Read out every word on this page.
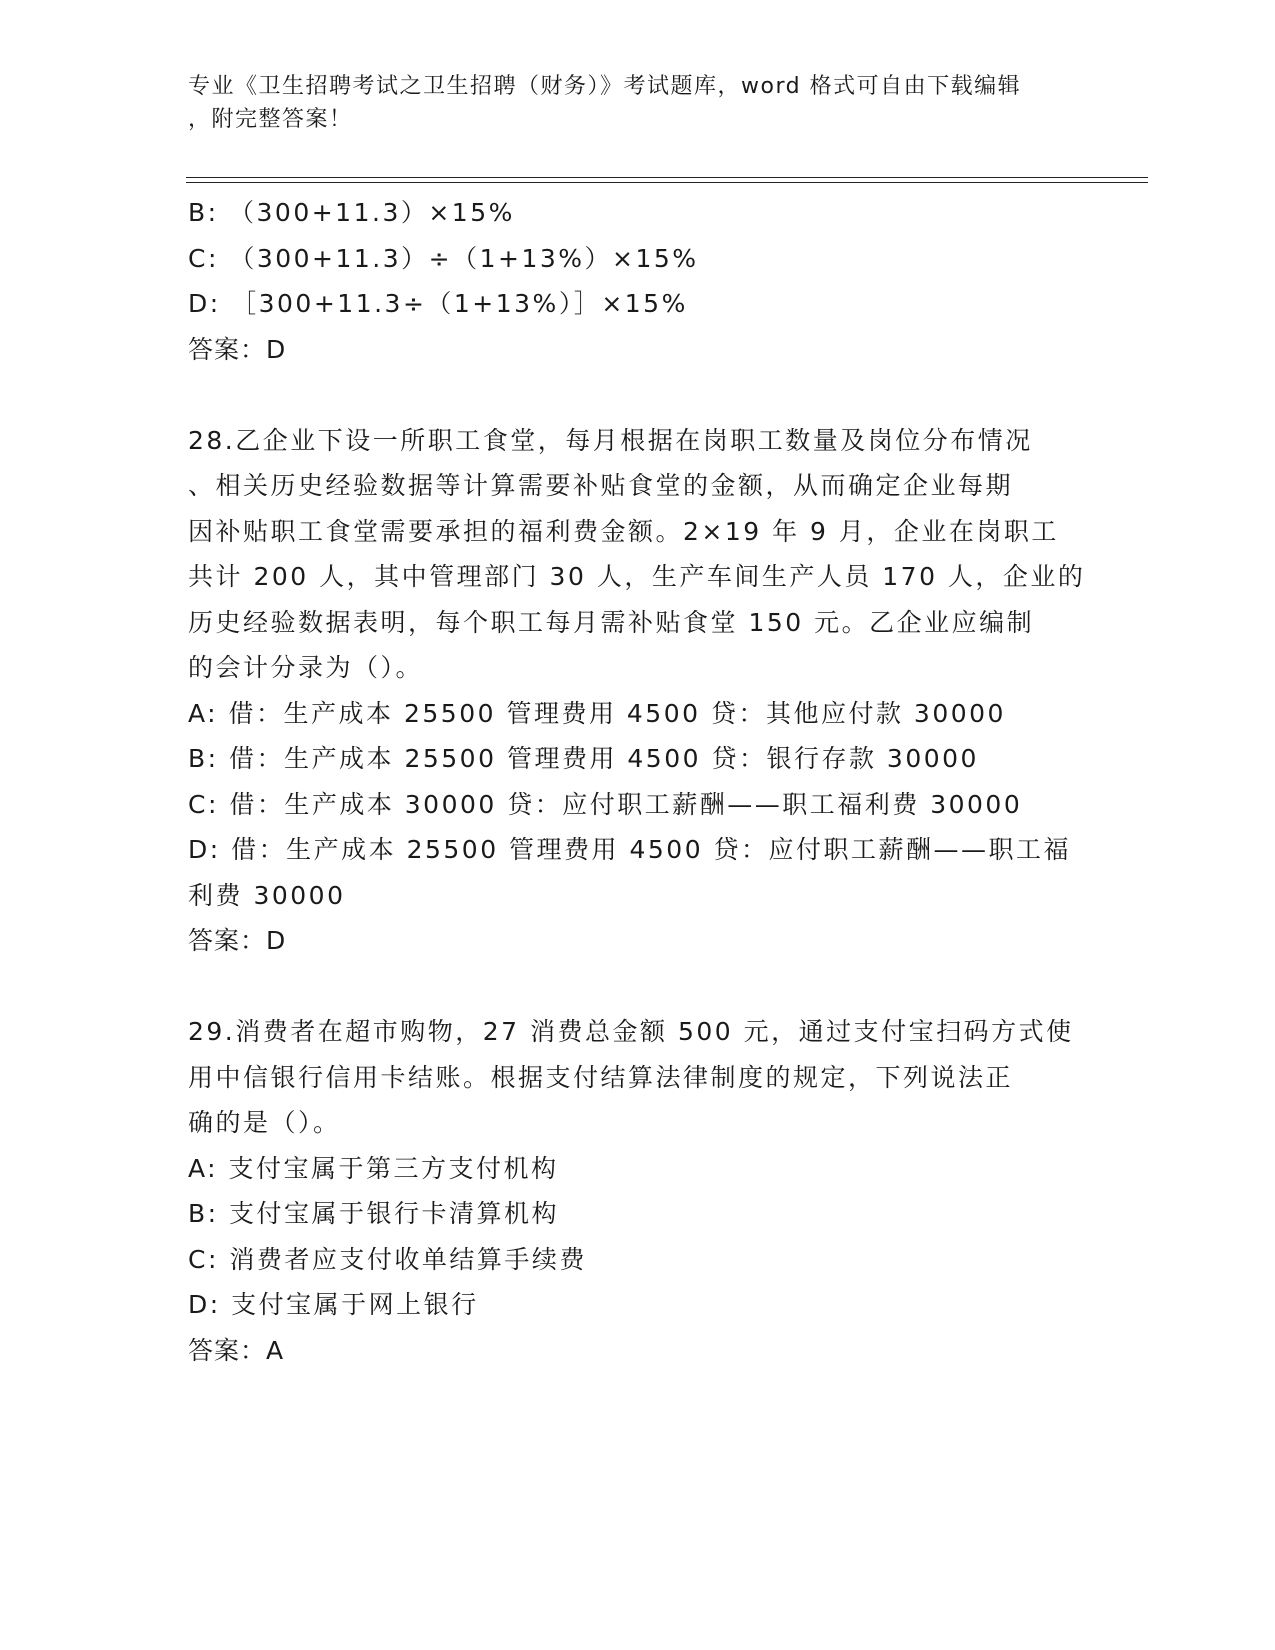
专业《卫生招聘考试之卫生招聘（财务）》考试题库，word 格式可自由下载编辑
，附完整答案！
B: （300+11.3）×15%
C: （300+11.3）÷（1+13%）×15%
D: ［300+11.3÷（1+13%）］×15%
答案：D
28.乙企业下设一所职工食堂，每月根据在岗职工数量及岗位分布情况
、相关历史经验数据等计算需要补贴食堂的金额，从而确定企业每期
因补贴职工食堂需要承担的福利费金额。2×19 年 9 月，企业在岗职工
共计 200 人，其中管理部门 30 人，生产车间生产人员 170 人，企业的
历史经验数据表明，每个职工每月需补贴食堂 150 元。乙企业应编制
的会计分录为（）。
A: 借：生产成本 25500 管理费用 4500 贷：其他应付款 30000
B: 借：生产成本 25500 管理费用 4500 贷：银行存款 30000
C: 借：生产成本 30000 贷：应付职工薪酬——职工福利费 30000
D: 借：生产成本 25500 管理费用 4500 贷：应付职工薪酬——职工福
利费 30000
答案：D
29.消费者在超市购物，27 消费总金额 500 元，通过支付宝扫码方式使
用中信银行信用卡结账。根据支付结算法律制度的规定，下列说法正
确的是（）。
A: 支付宝属于第三方支付机构
B: 支付宝属于银行卡清算机构
C: 消费者应支付收单结算手续费
D: 支付宝属于网上银行
答案：A
